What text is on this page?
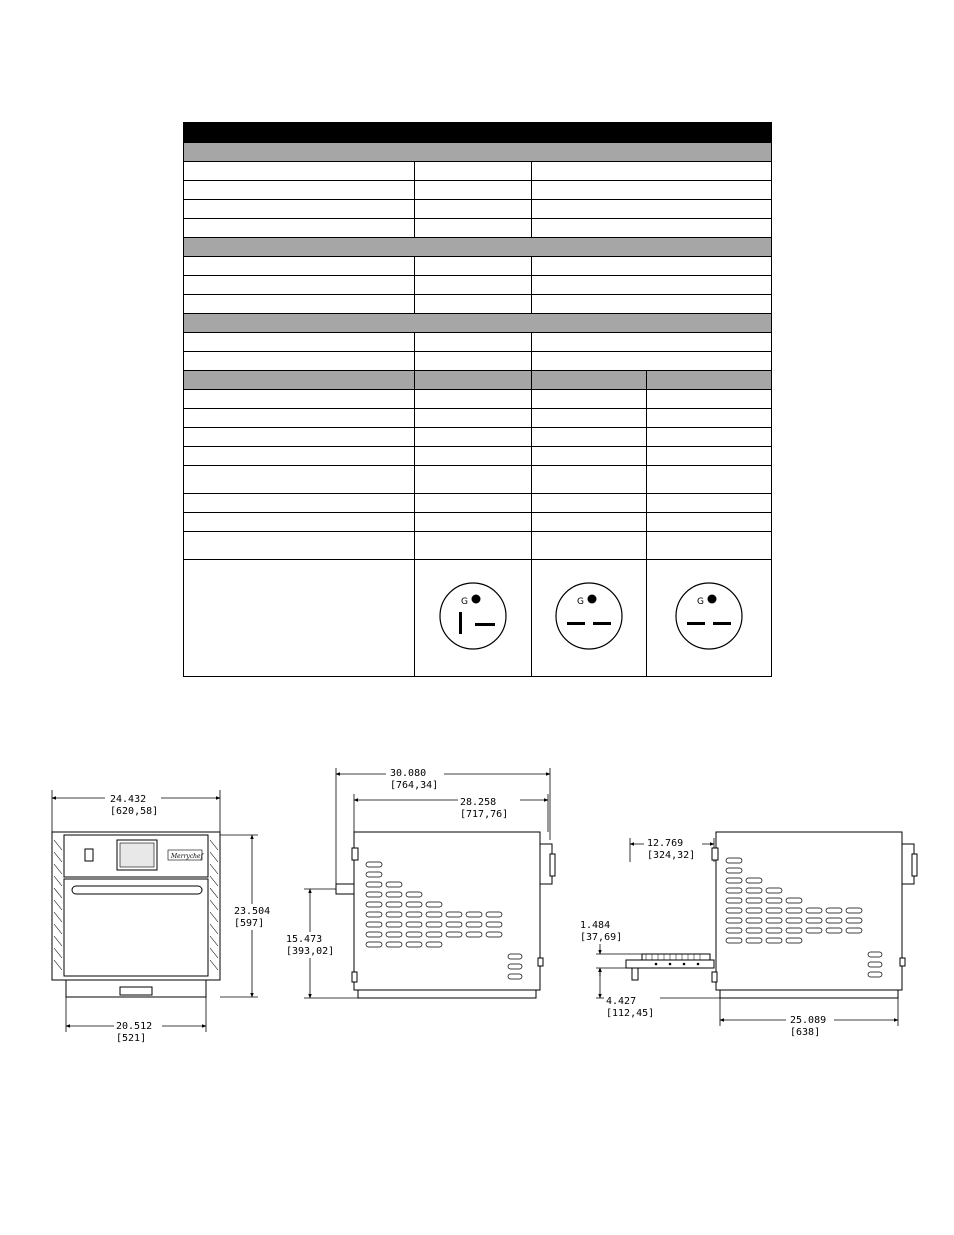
G	G	G
24.432
[620,58]
Merrychef
23.504
[597]
20.512
[521]
30.080
[764,34]
28.258
[717,76]
15.473
[393,02]
12.769
[324,32]
1.484
[37,69]
4.427
[112,45]
25.089
[638]
